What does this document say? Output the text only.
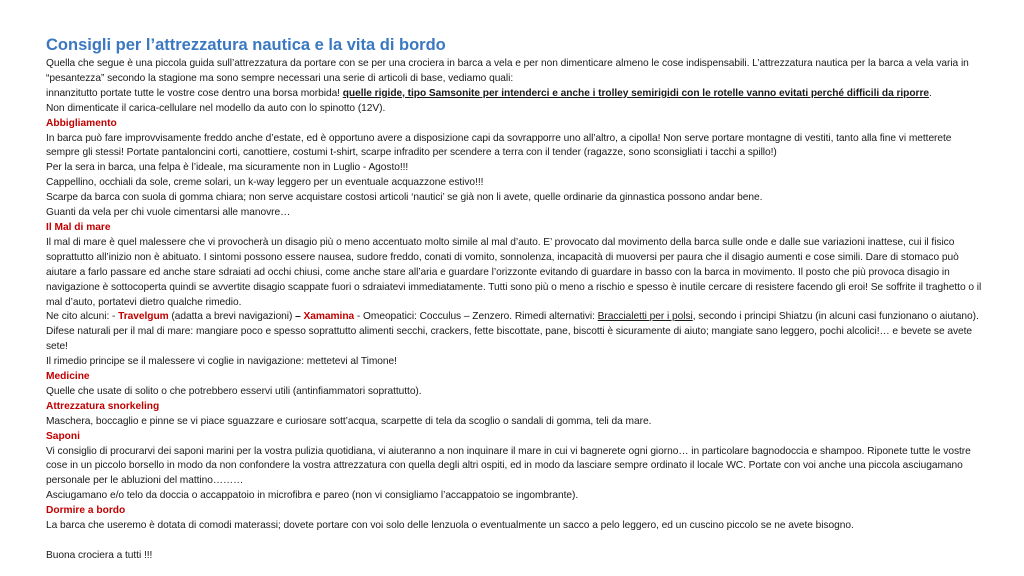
Consigli per l’attrezzatura nautica e la vita di bordo

Quella che segue è una piccola guida sull’attrezzatura da portare con se per una crociera in barca a vela e per non dimenticare almeno le cose indispensabili. L’attrezzatura nautica per la barca a vela varia in “pesantezza” secondo la stagione ma sono sempre necessari una serie di articoli di base, vediamo quali:

innanzitutto portate tutte le vostre cose dentro una borsa morbida! quelle rigide, tipo Samsonite per intenderci e anche i trolley semirigidi con le rotelle vanno evitati perché difficili da riporre.

Non dimenticate il carica-cellulare nel modello da auto con lo spinotto (12V).

Abbigliamento

In barca può fare improvvisamente freddo anche d’estate, ed è opportuno avere a disposizione capi da sovrapporre uno all’altro, a cipolla! Non serve portare montagne di vestiti, tanto alla fine vi metterete sempre gli stessi! Portate pantaloncini corti, canottiere, costumi t-shirt, scarpe infradito per scendere a terra con il tender (ragazze, sono sconsigliati i tacchi a spillo!)

Per la sera in barca, una felpa è l’ideale, ma sicuramente non in Luglio - Agosto!!!

Cappellino, occhiali da sole, creme solari, un k-way leggero per un eventuale acquazzone estivo!!!

Scarpe da barca con suola di gomma chiara; non serve acquistare costosi articoli ‘nautici’ se già non li avete, quelle ordinarie da ginnastica possono andar bene.

Guanti da vela per chi vuole cimentarsi alle manovre…

Il Mal di mare

Il mal di mare è quel malessere che vi provocherà un disagio più o meno accentuato molto simile al mal d’auto. E’ provocato dal movimento della barca sulle onde e dalle sue variazioni inattese, cui il fisico soprattutto all’inizio non è abituato. I sintomi possono essere nausea, sudore freddo, conati di vomito, sonnolenza, incapacità di muoversi per paura che il disagio aumenti e cose simili. Dare di stomaco può aiutare a farlo passare ed anche stare sdraiati ad occhi chiusi, come anche stare all’aria e guardare l’orizzonte evitando di guardare in basso con la barca in movimento. Il posto che più provoca disagio in navigazione è sottocoperta quindi se avvertite disagio scappate fuori o sdraiatevi immediatamente. Tutti sono più o meno a rischio e spesso è inutile cercare di resistere facendo gli eroi! Se soffrite il traghetto o il mal d’auto, portatevi dietro qualche rimedio.

Ne cito alcuni: - Travelgum (adatta a brevi navigazioni) – Xamamina - Omeopatici: Cocculus – Zenzero. Rimedi alternativi: Braccialetti per i polsi, secondo i principi Shiatzu (in alcuni casi funzionano o aiutano).

Difese naturali per il mal di mare: mangiare poco e spesso soprattutto alimenti secchi, crackers, fette biscottate, pane, biscotti è sicuramente di aiuto; mangiate sano leggero, pochi alcolici!… e bevete se avete sete!

Il rimedio principe se il malessere vi coglie in navigazione: mettetevi al Timone!

Medicine

Quelle che usate di solito o che potrebbero esservi utili (antinfiammatori soprattutto).

Attrezzatura snorkeling

Maschera, boccaglio e pinne se vi piace sguazzare e curiosare sott’acqua, scarpette di tela da scoglio o sandali di gomma, teli da mare.

Saponi

Vi consiglio di procurarvi dei saponi marini per la vostra pulizia quotidiana, vi aiuteranno a non inquinare il mare in cui vi bagnerete ogni giorno… in particolare bagnodoccia e shampoo. Riponete tutte le vostre cose in un piccolo borsello in modo da non confondere la vostra attrezzatura con quella degli altri ospiti, ed in modo da lasciare sempre ordinato il locale WC. Portate con voi anche una piccola asciugamano personale per le abluzioni del mattino………

Asciugamano e/o telo da doccia o accappatoio in microfibra e pareo (non vi consigliamo l’accappatoio se ingombrante).

Dormire a bordo

La barca che useremo è dotata di comodi materassi; dovete portare con voi solo delle lenzuola o eventualmente un sacco a pelo leggero, ed un cuscino piccolo se ne avete bisogno.

Buona crociera a tutti !!!
